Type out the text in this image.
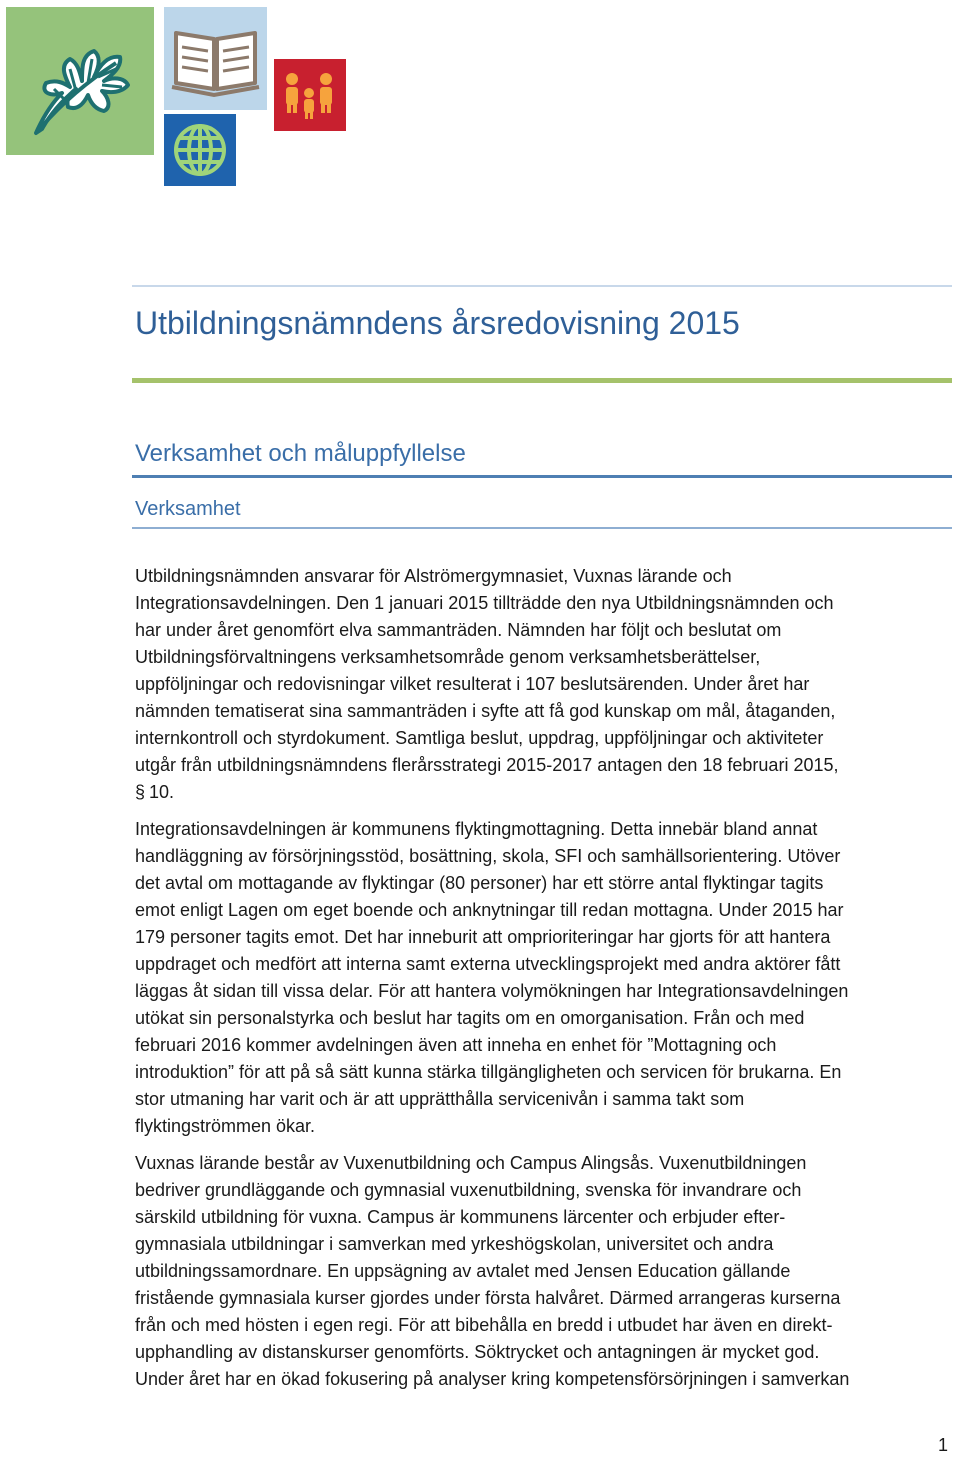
Utbildningsnämndens årsredovisning 2015
Verksamhet och måluppfyllelse
Verksamhet
Utbildningsnämnden ansvarar för Alströmergymnasiet, Vuxnas lärande och
Integrationsavdelningen. Den 1 januari 2015 tillträdde den nya Utbildningsnämnden och
har under året genomfört elva sammanträden. Nämnden har följt och beslutat om
Utbildningsförvaltningens verksamhetsområde genom verksamhetsberättelser,
uppföljningar och redovisningar vilket resulterat i 107 beslutsärenden. Under året har
nämnden tematiserat sina sammanträden i syfte att få god kunskap om mål, åtaganden,
internkontroll och styrdokument. Samtliga beslut, uppdrag, uppföljningar och aktiviteter
utgår från utbildningsnämndens flerårsstrategi 2015-2017 antagen den 18 februari 2015,
§ 10.
Integrationsavdelningen är kommunens flyktingmottagning. Detta innebär bland annat
handläggning av försörjningsstöd, bosättning, skola, SFI och samhällsorientering. Utöver
det avtal om mottagande av flyktingar (80 personer) har ett större antal flyktingar tagits
emot enligt Lagen om eget boende och anknytningar till redan mottagna. Under 2015 har
179 personer tagits emot. Det har inneburit att omprioriteringar har gjorts för att hantera
uppdraget och medfört att interna samt externa utvecklingsprojekt med andra aktörer fått
läggas åt sidan till vissa delar. För att hantera volymökningen har Integrationsavdelningen
utökat sin personalstyrka och beslut har tagits om en omorganisation. Från och med
februari 2016 kommer avdelningen även att inneha en enhet för ”Mottagning och
introduktion” för att på så sätt kunna stärka tillgängligheten och servicen för brukarna. En
stor utmaning har varit och är att upprätthålla servicenivån i samma takt som
flyktingströmmen ökar.
Vuxnas lärande består av Vuxenutbildning och Campus Alingsås. Vuxenutbildningen
bedriver grundläggande och gymnasial vuxenutbildning, svenska för invandrare och
särskild utbildning för vuxna. Campus är kommunens lärcenter och erbjuder efter-
gymnasiala utbildningar i samverkan med yrkeshögskolan, universitet och andra
utbildningssamordnare. En uppsägning av avtalet med Jensen Education gällande
fristående gymnasiala kurser gjordes under första halvåret. Därmed arrangeras kurserna
från och med hösten i egen regi. För att bibehålla en bredd i utbudet har även en direkt-
upphandling av distanskurser genomförts. Söktrycket och antagningen är mycket god.
Under året har en ökad fokusering på analyser kring kompetensförsörjningen i samverkan
1
